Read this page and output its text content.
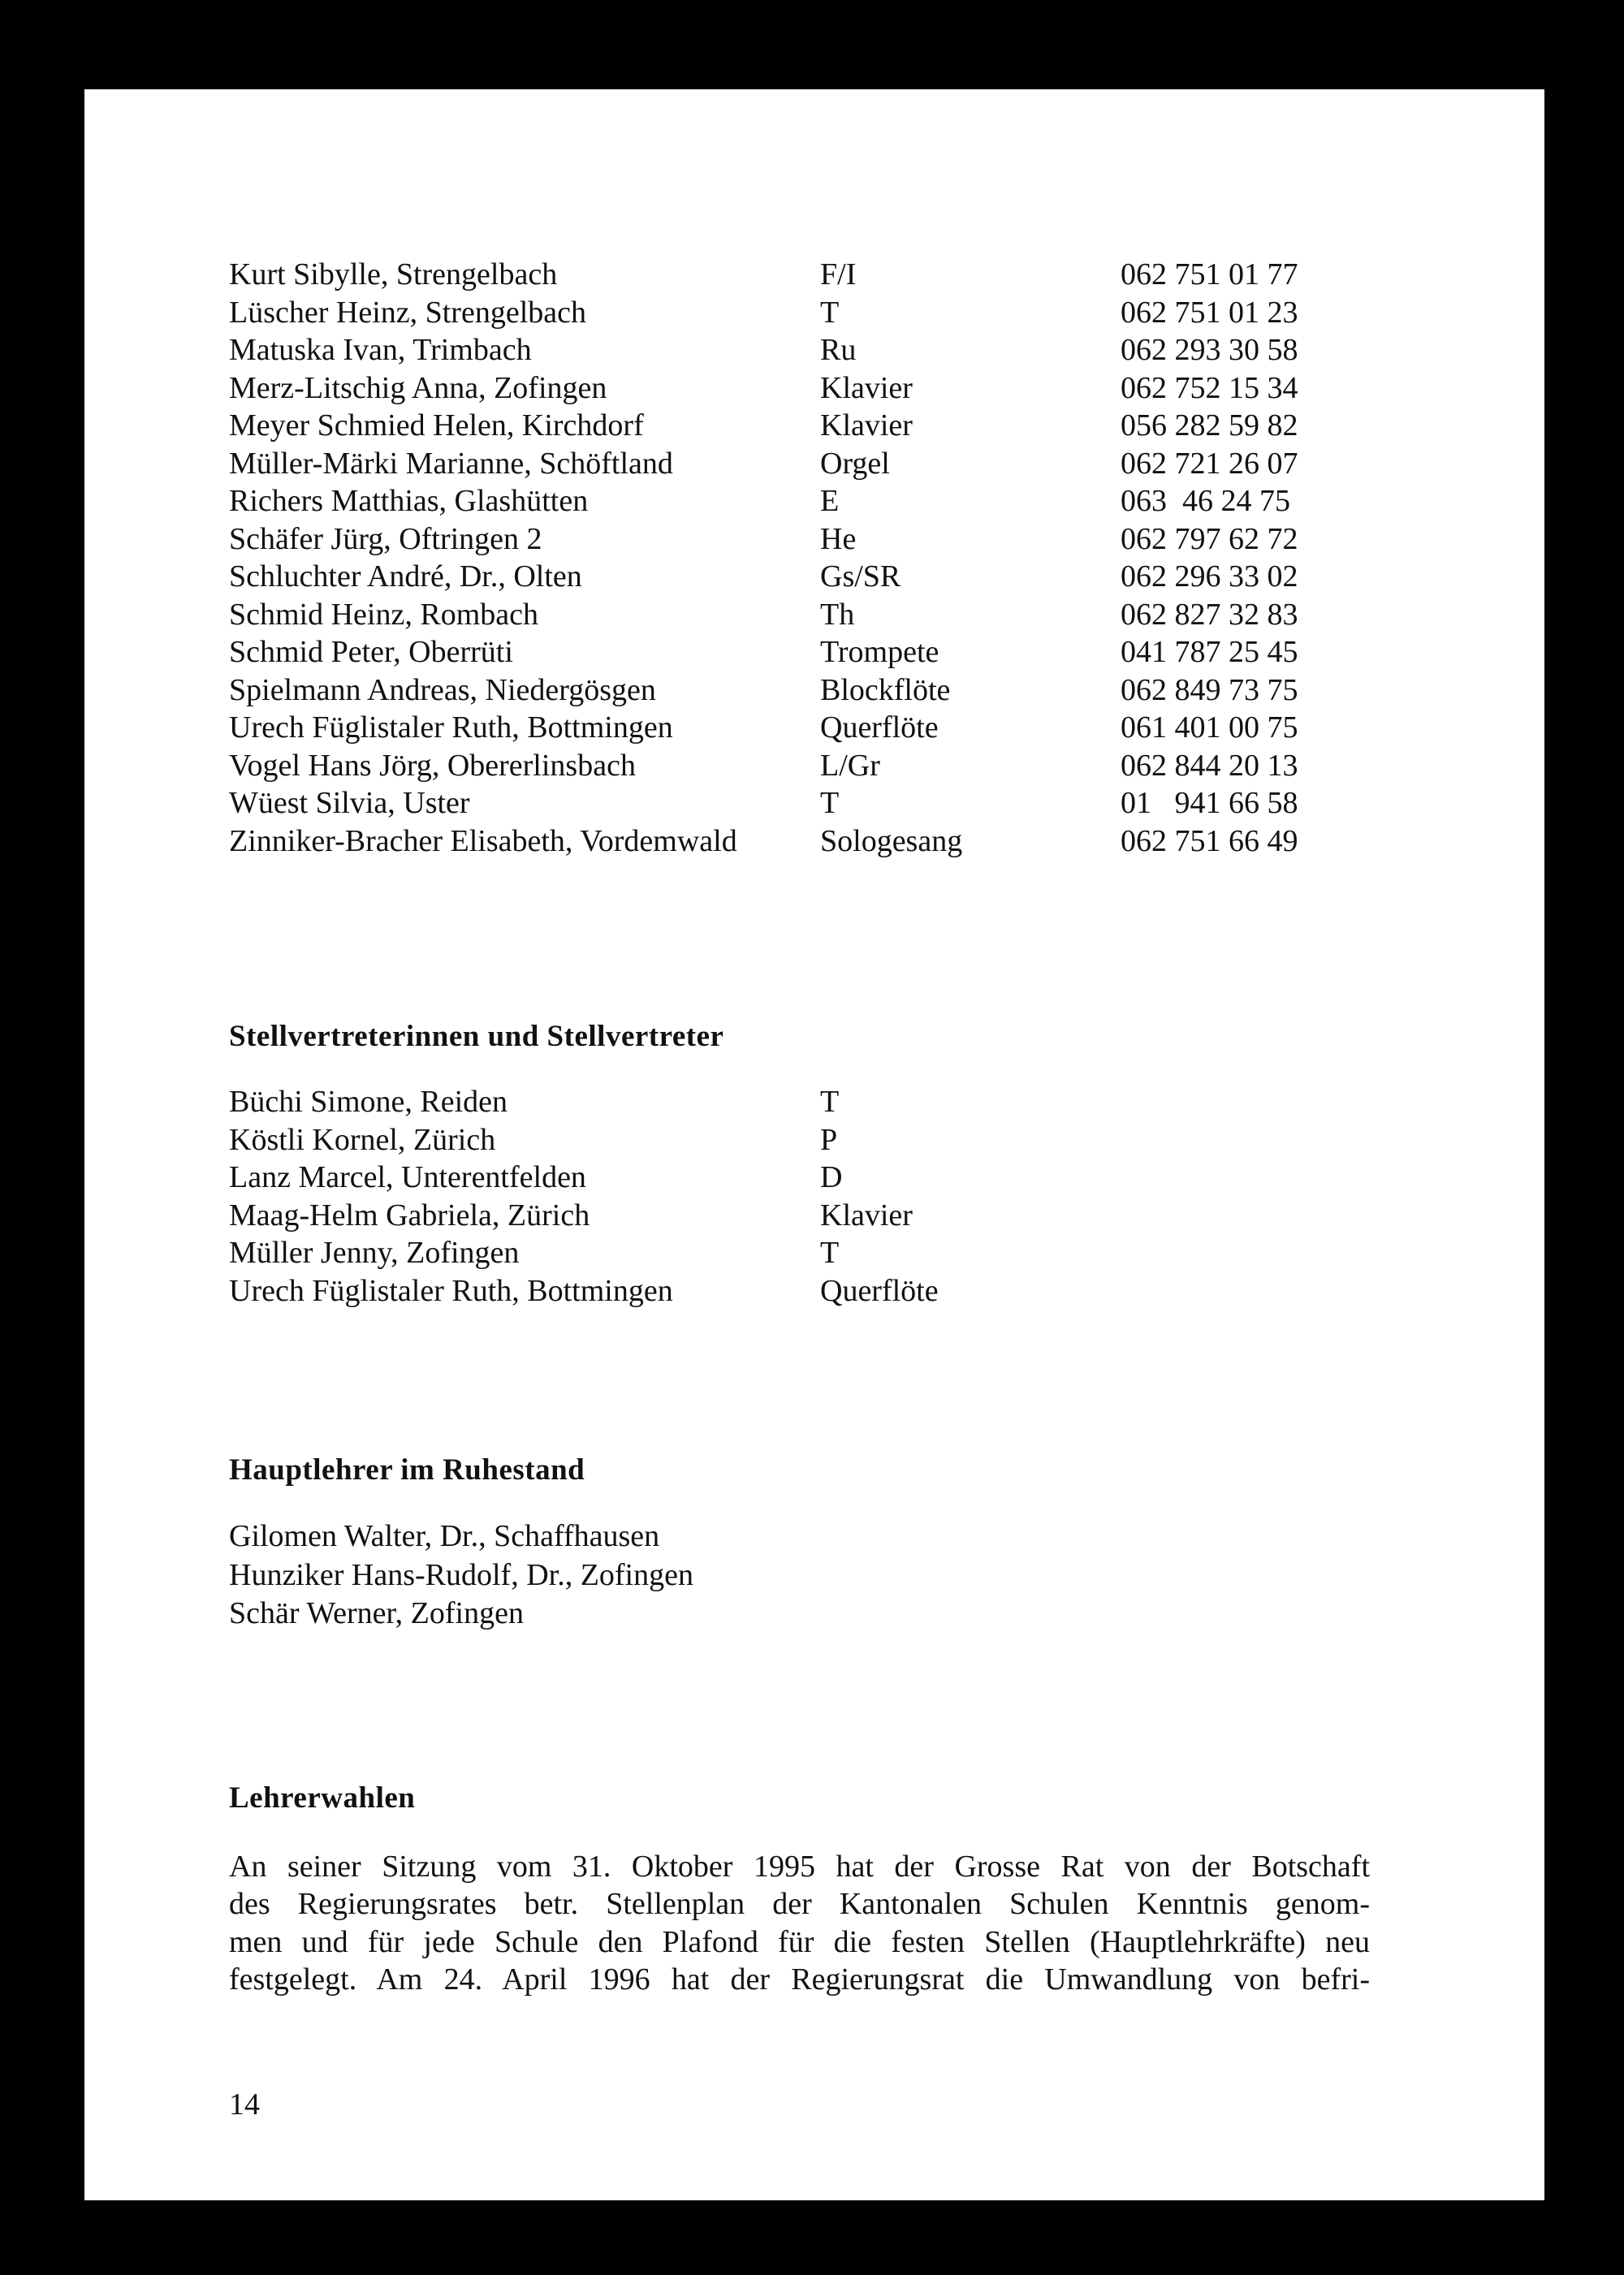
Kurt Sibylle, Strengelbach	F/I	062 751 01 77
Lüscher Heinz, Strengelbach	T	062 751 01 23
Matuska Ivan, Trimbach	Ru	062 293 30 58
Merz-Litschig Anna, Zofingen	Klavier	062 752 15 34
Meyer Schmied Helen, Kirchdorf	Klavier	056 282 59 82
Müller-Märki Marianne, Schöftland	Orgel	062 721 26 07
Richers Matthias, Glashütten	E	063  46 24 75
Schäfer Jürg, Oftringen 2	He	062 797 62 72
Schluchter André, Dr., Olten	Gs/SR	062 296 33 02
Schmid Heinz, Rombach	Th	062 827 32 83
Schmid Peter, Oberrüti	Trompete	041 787 25 45
Spielmann Andreas, Niedergösgen	Blockflöte	062 849 73 75
Urech Füglistaler Ruth, Bottmingen	Querflöte	061 401 00 75
Vogel Hans Jörg, Obererlinsbach	L/Gr	062 844 20 13
Wüest Silvia, Uster	T	01   941 66 58
Zinniker-Bracher Elisabeth, Vordemwald	Sologesang	062 751 66 49
Stellvertreterinnen und Stellvertreter
Büchi Simone, Reiden	T
Köstli Kornel, Zürich	P
Lanz Marcel, Unterentfelden	D
Maag-Helm Gabriela, Zürich	Klavier
Müller Jenny, Zofingen	T
Urech Füglistaler Ruth, Bottmingen	Querflöte
Hauptlehrer im Ruhestand
Gilomen Walter, Dr., Schaffhausen
Hunziker Hans-Rudolf, Dr., Zofingen
Schär Werner, Zofingen
Lehrerwahlen
An seiner Sitzung vom 31. Oktober 1995 hat der Grosse Rat von der Botschaft
des Regierungsrates betr. Stellenplan der Kantonalen Schulen Kenntnis genom-
men und für jede Schule den Plafond für die festen Stellen (Hauptlehrkräfte) neu
festgelegt. Am 24. April 1996 hat der Regierungsrat die Umwandlung von befri-
14
